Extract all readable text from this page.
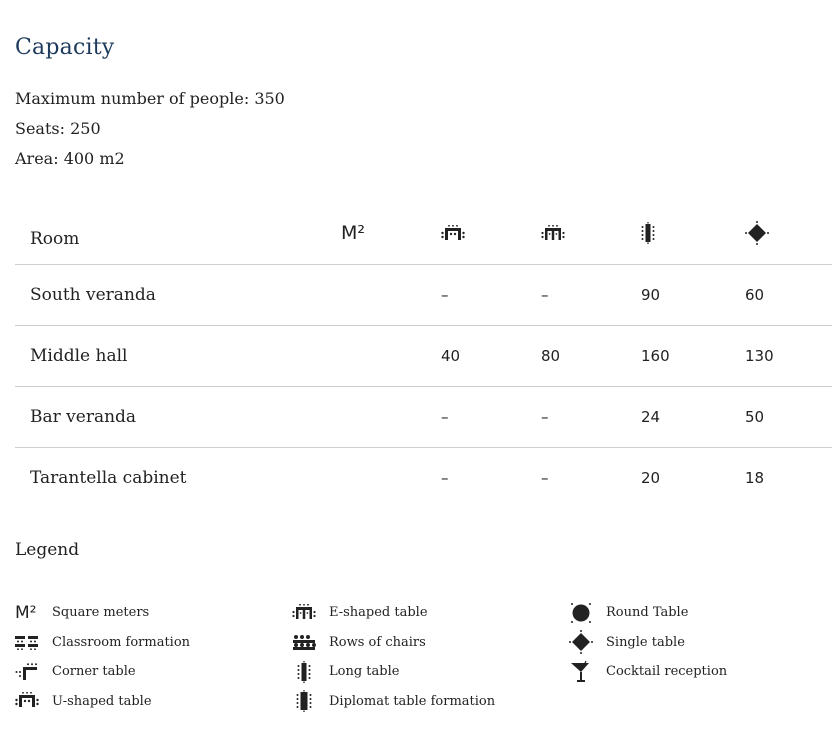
Capacity
Maximum number of people: 350
Seats: 250
Area: 400 m2
Room	M²				
South veranda		–	–	90	60
Middle hall		40	80	160	130
Bar veranda		–	–	24	50
Tarantella cabinet		–	–	20	18
Legend
M² Square meters
Classroom formation
Corner table
U-shaped table
E-shaped table
Rows of chairs
Long table
Diplomat table formation
Round Table
Single table
Cocktail reception
